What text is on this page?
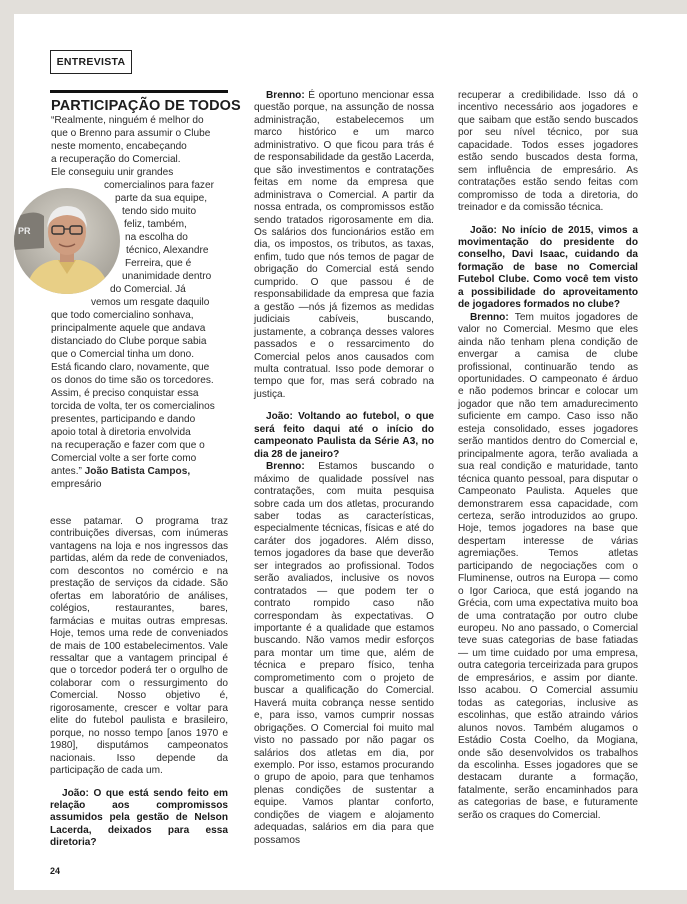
ENTREVISTA
PARTICIPAÇÃO DE TODOS
PR
“Realmente, ninguém é melhor do
que o Brenno para assumir o Clube
neste momento, encabeçando
a recuperação do Comercial.
Ele conseguiu unir grandes
comercialinos para fazer
parte da sua equipe,
tendo sido muito
feliz, também,
na escolha do
técnico, Alexandre
Ferreira, que é
unanimidade dentro
do Comercial. Já
vemos um resgate daquilo
que todo comercialino sonhava,
principalmente aquele que andava
distanciado do Clube porque sabia
que o Comercial tinha um dono.
Está ficando claro, novamente, que
os donos do time são os torcedores.
Assim, é preciso conquistar essa
torcida de volta, ter os comercialinos
presentes, participando e dando
apoio total à diretoria envolvida
na recuperação e fazer com que o
Comercial volte a ser forte como
antes.” João Batista Campos,
empresário

esse patamar. O programa traz contribuições diversas, com inúmeras vantagens na loja e nos ingressos das partidas, além da rede de conveniados, com descontos no comércio e na prestação de serviços da cidade. São ofertas em laboratório de análises, colégios, restaurantes, bares, farmácias e muitas outras empresas. Hoje, temos uma rede de conveniados de mais de 100 estabelecimentos. Vale ressaltar que a vantagem principal é que o torcedor poderá ter o orgulho de colaborar com o ressurgimento do Comercial. Nosso objetivo é, rigorosamente, crescer e voltar para elite do futebol paulista e brasileiro, porque, no nosso tempo [anos 1970 e 1980], disputámos campeonatos nacionais. Isso depende da participação de cada um.

João: O que está sendo feito em relação aos compromissos assumidos pela gestão de Nelson Lacerda, deixados para essa diretoria?

Brenno: É oportuno mencionar essa questão porque, na assunção de nossa administração, estabelecemos um marco histórico e um marco administrativo. O que ficou para trás é de responsabilidade da gestão Lacerda, que são investimentos e contratações feitas em nome da empresa que administrava o Comercial. A partir da nossa entrada, os compromissos estão sendo tratados rigorosamente em dia. Os salários dos funcionários estão em dia, os impostos, os tributos, as taxas, enfim, tudo que nós temos de pagar de obrigação do Comercial está sendo cumprido. O que passou é de responsabilidade da empresa que fazia a gestão —nós já fizemos as medidas judiciais cabíveis, buscando, justamente, a cobrança desses valores passados e o ressarcimento do Comercial pelos anos causados com multa contratual. Isso pode demorar o tempo que for, mas será cobrado na justiça.

João: Voltando ao futebol, o que será feito daqui até o início do campeonato Paulista da Série A3, no dia 28 de janeiro?

Brenno: Estamos buscando o máximo de qualidade possível nas contratações, com muita pesquisa sobre cada um dos atletas, procurando saber todas as características, especialmente técnicas, físicas e até do caráter dos jogadores. Além disso, temos jogadores da base que deverão ser integrados ao profissional. Todos serão avaliados, inclusive os novos contratados — que podem ter o contrato rompido caso não correspondam às expectativas. O importante é a qualidade que estamos buscando. Não vamos medir esforços para montar um time que, além de técnica e preparo físico, tenha comprometimento com o projeto de buscar a qualificação do Comercial. Haverá muita cobrança nesse sentido e, para isso, vamos cumprir nossas obrigações. O Comercial foi muito mal visto no passado por não pagar os salários dos atletas em dia, por exemplo. Por isso, estamos procurando o grupo de apoio, para que tenhamos plenas condições de sustentar a equipe. Vamos plantar conforto, condições de viagem e alojamento adequadas, salários em dia para que possamos

recuperar a credibilidade. Isso dá o incentivo necessário aos jogadores e que saibam que estão sendo buscados por seu nível técnico, por sua capacidade. Todos esses jogadores estão sendo buscados desta forma, sem influência de empresário. As contratações estão sendo feitas com compromisso de toda a diretoria, do treinador e da comissão técnica.

João: No início de 2015, vimos a movimentação do presidente do conselho, Davi Isaac, cuidando da formação de base no Comercial Futebol Clube. Como você tem visto a possibilidade do aproveitamento de jogadores formados no clube?

Brenno: Tem muitos jogadores de valor no Comercial. Mesmo que eles ainda não tenham plena condição de envergar a camisa de clube profissional, continuarão tendo as oportunidades. O campeonato é árduo e não podemos brincar e colocar um jogador que não tem amadurecimento suficiente em campo. Caso isso não esteja consolidado, esses jogadores serão mantidos dentro do Comercial e, principalmente agora, terão avaliada a sua real condição e maturidade, tanto técnica quanto pessoal, para disputar o Campeonato Paulista. Aqueles que demonstrarem essa capacidade, com certeza, serão introduzidos ao grupo. Hoje, temos jogadores na base que despertam interesse de várias agremiações. Temos atletas participando de negociações com o Fluminense, outros na Europa — como o Igor Carioca, que está jogando na Grécia, com uma expectativa muito boa de uma contratação por outro clube europeu. No ano passado, o Comercial teve suas categorias de base fatiadas — um time cuidado por uma empresa, outra categoria terceirizada para grupos de empresários, e assim por diante. Isso acabou. O Comercial assumiu todas as categorias, inclusive as escolinhas, que estão atraindo vários alunos novos. Também alugamos o Estádio Costa Coelho, da Mogiana, onde são desenvolvidos os trabalhos da escolinha. Esses jogadores que se destacam durante a formação, fatalmente, serão encaminhados para as categorias de base, e futuramente serão os craques do Comercial.

24
